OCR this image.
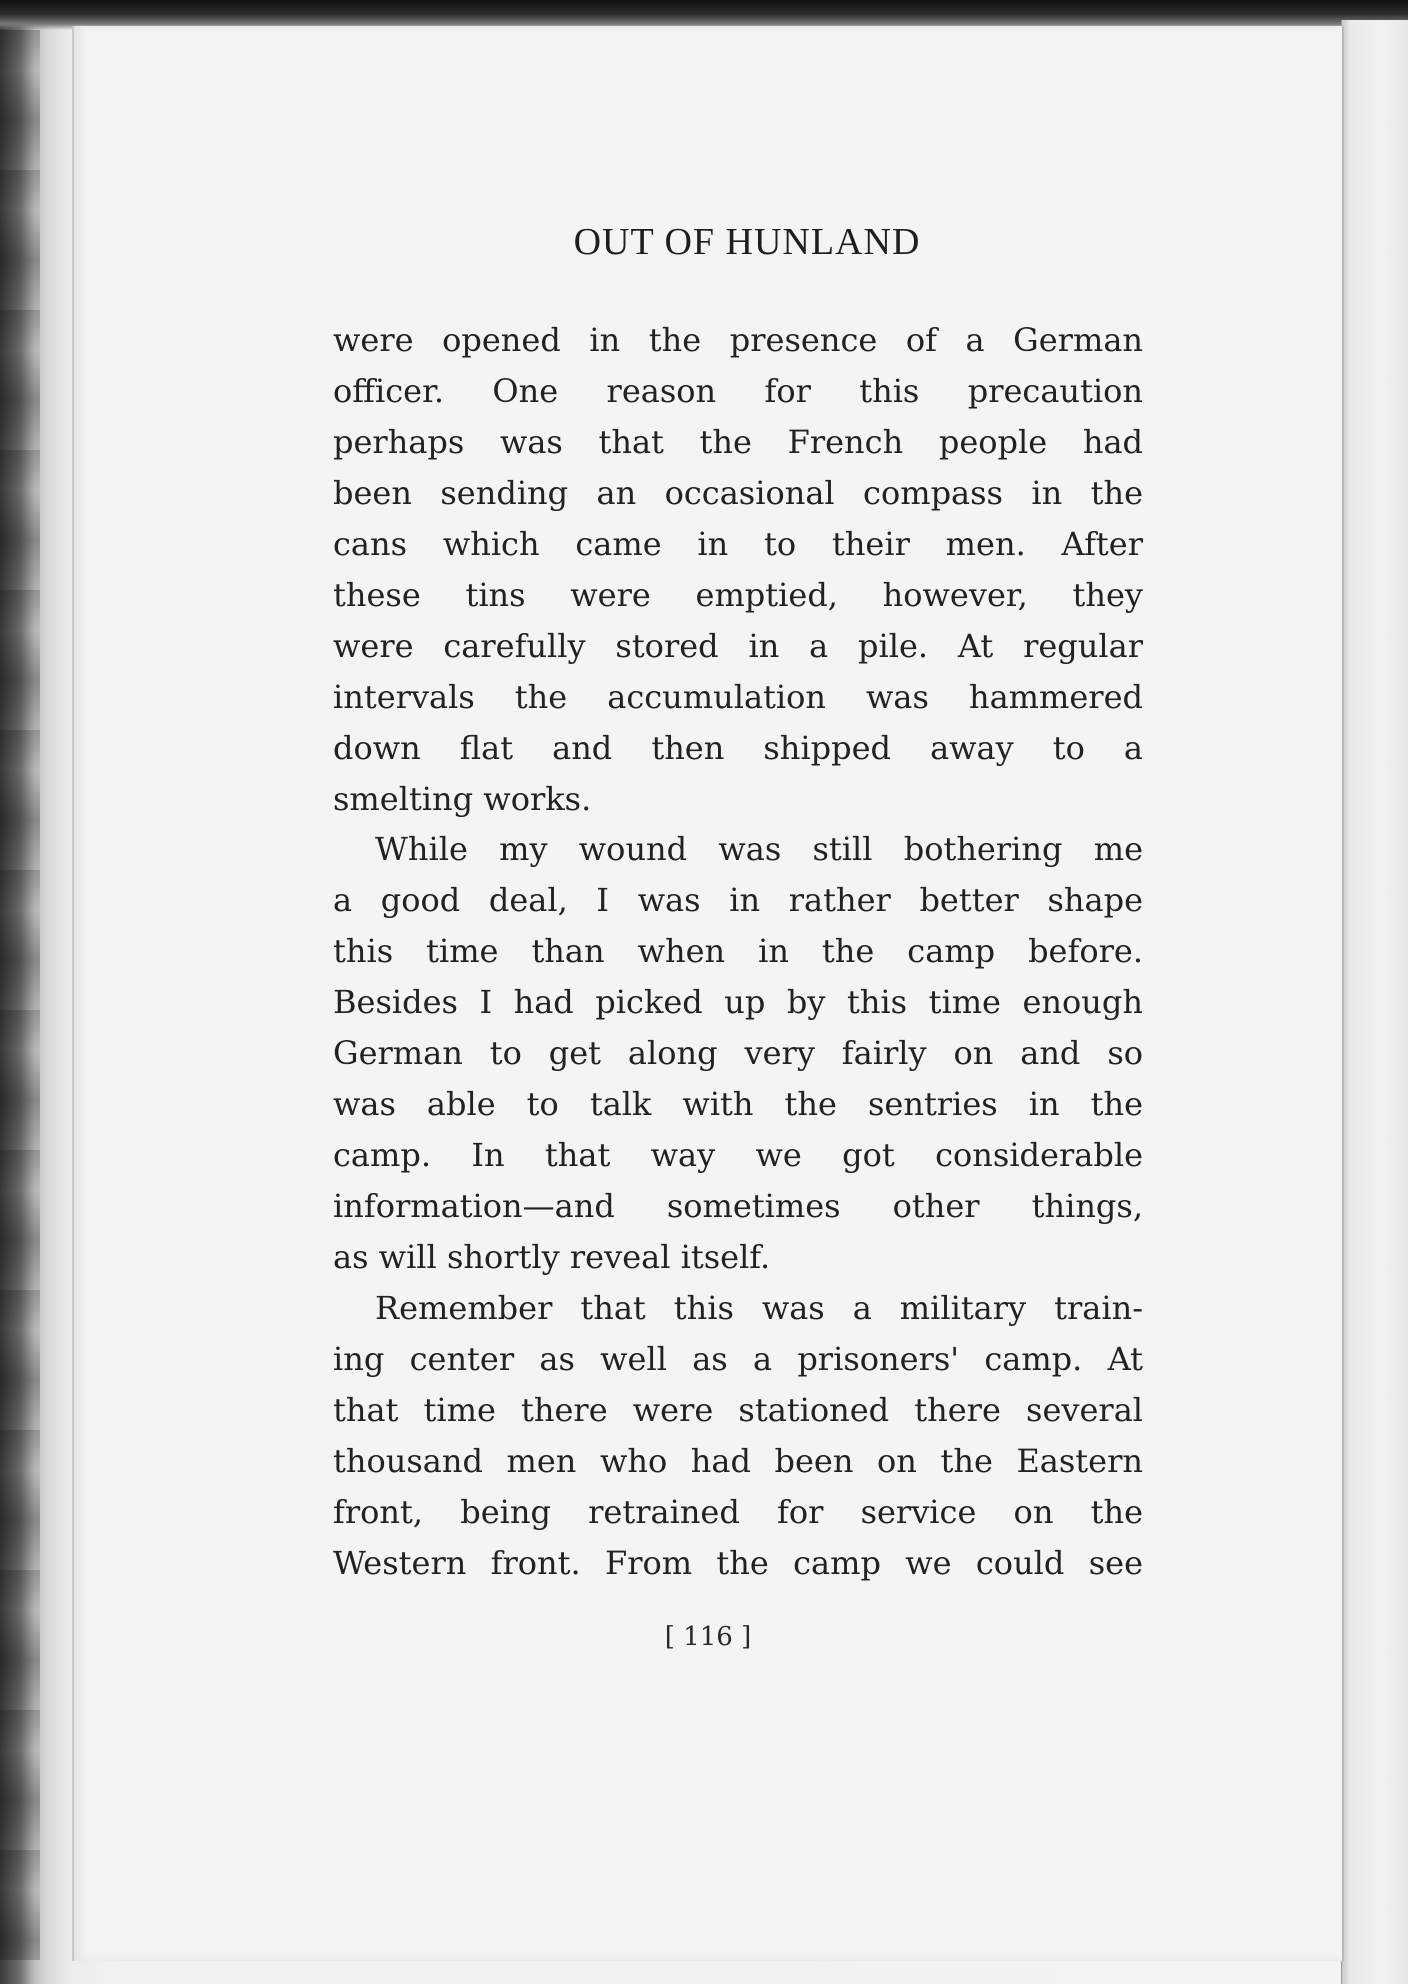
OUT OF HUNLAND
were opened in the presence of a German
officer. One reason for this precaution
perhaps was that the French people had
been sending an occasional compass in the
cans which came in to their men. After
these tins were emptied, however, they
were carefully stored in a pile. At regular
intervals the accumulation was hammered
down flat and then shipped away to a
smelting works.
While my wound was still bothering me
a good deal, I was in rather better shape
this time than when in the camp before.
Besides I had picked up by this time enough
German to get along very fairly on and so
was able to talk with the sentries in the
camp. In that way we got considerable
information—and sometimes other things,
as will shortly reveal itself.
Remember that this was a military train-
ing center as well as a prisoners' camp. At
that time there were stationed there several
thousand men who had been on the Eastern
front, being retrained for service on the
Western front. From the camp we could see
[ 116 ]
